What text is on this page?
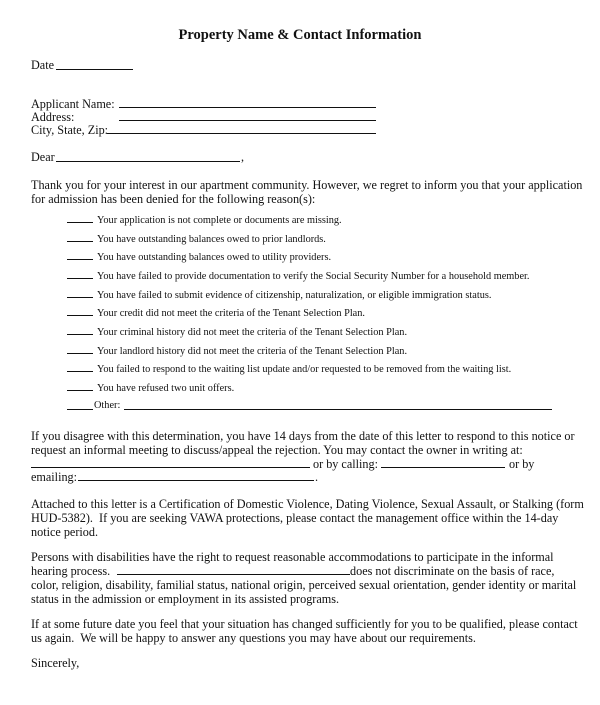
Property Name & Contact Information
Date
Applicant Name:
Address:
City, State, Zip:
Dear	,
Thank you for your interest in our apartment community. However, we regret to inform you that your application
for admission has been denied for the following reason(s):
Your application is not complete or documents are missing.
You have outstanding balances owed to prior landlords.
You have outstanding balances owed to utility providers.
You have failed to provide documentation to verify the Social Security Number for a household member.
You have failed to submit evidence of citizenship, naturalization, or eligible immigration status.
Your credit did not meet the criteria of the Tenant Selection Plan.
Your criminal history did not meet the criteria of the Tenant Selection Plan.
Your landlord history did not meet the criteria of the Tenant Selection Plan.
You failed to respond to the waiting list update and/or requested to be removed from the waiting list.
You have refused two unit offers.
Other:
If you disagree with this determination, you have 14 days from the date of this letter to respond to this notice or
request an informal meeting to discuss/appeal the rejection. You may contact the owner in writing at:
or by calling:	or by
emailing:	.
Attached to this letter is a Certification of Domestic Violence, Dating Violence, Sexual Assault, or Stalking (form
HUD-5382).  If you are seeking VAWA protections, please contact the management office within the 14-day
notice period.
Persons with disabilities have the right to request reasonable accommodations to participate in the informal
hearing process.	does not discriminate on the basis of race,
color, religion, disability, familial status, national origin, perceived sexual orientation, gender identity or marital
status in the admission or employment in its assisted programs.
If at some future date you feel that your situation has changed sufficiently for you to be qualified, please contact
us again.  We will be happy to answer any questions you may have about our requirements.
Sincerely,
